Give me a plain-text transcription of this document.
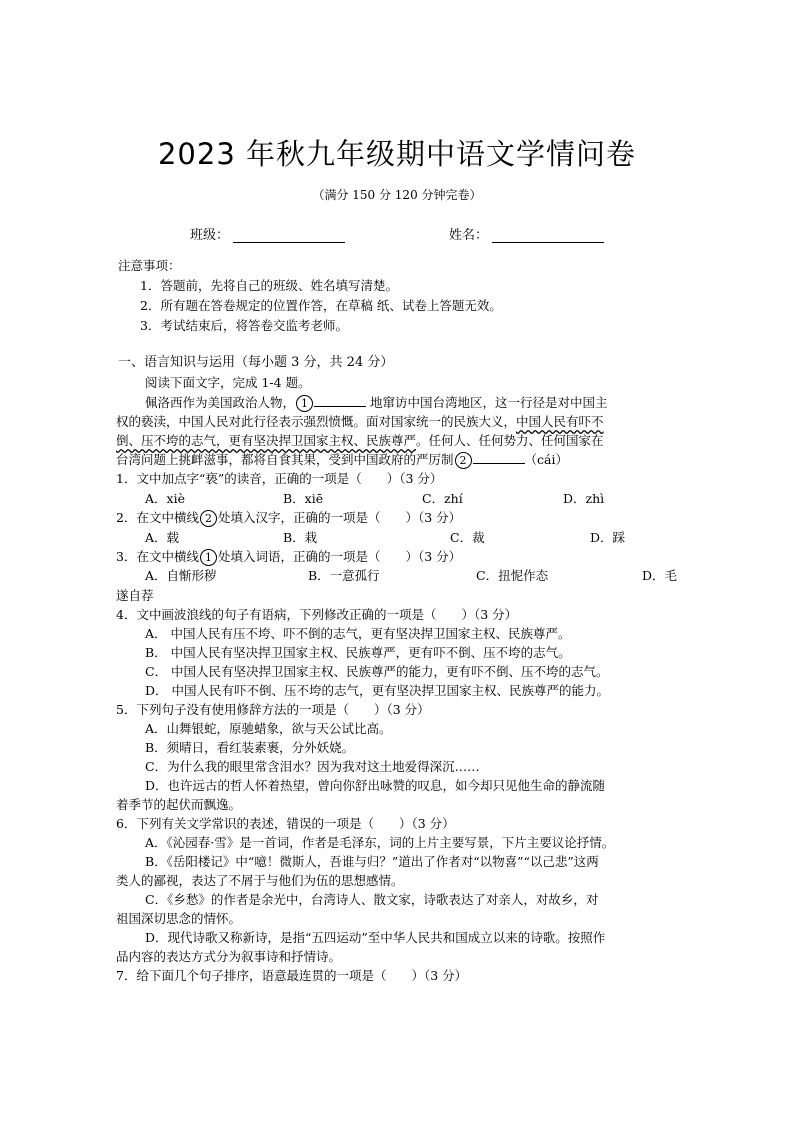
2023 年秋九年级期中语文学情问卷
（满分 150 分 120 分钟完卷）
班级：	姓名：
注意事项：
1．答题前，先将自己的班级、姓名填写清楚。
2．所有题在答卷规定的位置作答，在草稿 纸、试卷上答题无效。
3．考试结束后，将答卷交监考老师。
一、语言知识与运用（每小题 3 分，共 24 分）
阅读下面文字，完成 1-4 题。
佩洛西作为美国政治人物， 1	地窜访中国台湾地区，这一行径是对中国主
权的亵渎，中国人民对此行径表示强烈愤慨。面对国家统一的民族大义，中国人民有吓不
倒、压不垮的志气，更有坚决捍卫国家主权、民族尊严。任何人、任何势力、任何国家在
台湾问题上挑衅滋事，都将自食其果，受到中国政府的严厉制 2	（cái）
1．文中加点字“亵”的读音，正确的一项是（　　）（3 分）
A．xiè	B．xiē	C．zhí	D．zhì
2．在文中横线 2 处填入汉字，正确的一项是（　　）（3 分）
A．载	B．栽	C．裁	D．踩
3．在文中横线 1 处填入词语，正确的一项是（　　）（3 分）
A．自惭形秽	B．一意孤行	C．扭怩作态	D．毛
遂自荐
4．文中画波浪线的句子有语病，下列修改正确的一项是（　　）（3 分）
A． 中国人民有压不垮、吓不倒的志气，更有坚决捍卫国家主权、民族尊严。
B． 中国人民有坚决捍卫国家主权、民族尊严，更有吓不倒、压不垮的志气。
C． 中国人民有坚决捍卫国家主权、民族尊严的能力，更有吓不倒、压不垮的志气。
D． 中国人民有吓不倒、压不垮的志气，更有坚决捍卫国家主权、民族尊严的能力。
5．下列句子没有使用修辞方法的一项是（　　）（3 分）
A．山舞银蛇，原驰蜡象，欲与天公试比高。
B．须晴日，看红装素裹，分外妖娆。
C．为什么我的眼里常含泪水？因为我对这土地爱得深沉……
D．也许远古的哲人怀着热望，曾向你舒出咏赞的叹息，如今却只见他生命的静流随
着季节的起伏而飘逸。
6．下列有关文学常识的表述，错误的一项是（　　）（3 分）
A．《沁园春·雪》是一首词，作者是毛泽东，词的上片主要写景，下片主要议论抒情。
B．《岳阳楼记》中“噫！微斯人，吾谁与归？”道出了作者对“以物喜”“以己悲”这两
类人的鄙视，表达了不屑于与他们为伍的思想感情。
C．《乡愁》的作者是余光中，台湾诗人、散文家，诗歌表达了对亲人，对故乡，对
祖国深切思念的情怀。
D．现代诗歌又称新诗，是指“五四运动”至中华人民共和国成立以来的诗歌。按照作
品内容的表达方式分为叙事诗和抒情诗。
7．给下面几个句子排序，语意最连贯的一项是（　　）（3 分）
